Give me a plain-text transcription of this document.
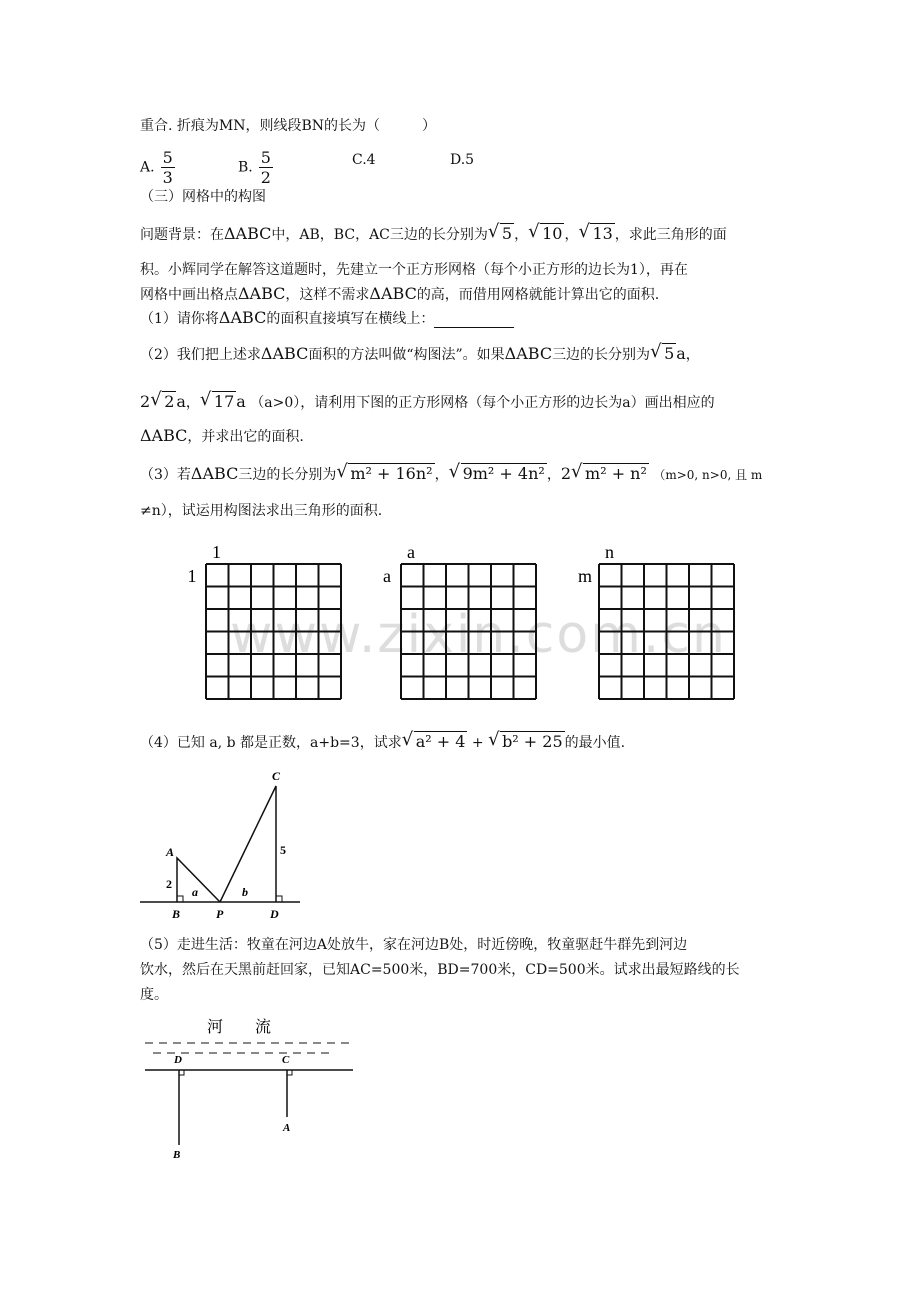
www.zixin.com.cn
重合. 折痕为MN，则线段BN的长为（　　　）
A. $\frac{5}{3}$	B. $\frac{5}{2}$	C.4	D.5
（三）网格中的构图
问题背景：在ΔABC中，AB，BC，AC三边的长分别为 √ 5 ， √ 10 ， √ 13 ，求此三角形的面
积。小辉同学在解答这道题时，先建立一个正方形网格（每个小正方形的边长为1），再在
网格中画出格点ΔABC，这样不需求ΔABC的高，而借用网格就能计算出它的面积.
（1）请你将ΔABC的面积直接填写在横线上：
（2）我们把上述求ΔABC面积的方法叫做“构图法”。如果ΔABC三边的长分别为 √ 5 a，
2 √ 2 a， √ 17 a （a>0），请利用下图的正方形网格（每个小正方形的边长为a）画出相应的
ΔABC，并求出它的面积.
（3）若ΔABC三边的长分别为 √ m² + 16n² ， √ 9m² + 4n² ，2 √ m² + n² （m>0, n>0, 且 m
≠n），试运用构图法求出三角形的面积.
1
1
a
a
n
m
（4）已知 a, b 都是正数，a+b=3，试求 √ a² + 4 + √ b² + 25 的最小值.
A
B	P	D
C
2
5
a	b
（5）走进生活：牧童在河边A处放牛，家在河边B处，时近傍晚，牧童驱赶牛群先到河边
饮水，然后在天黑前赶回家，已知AC=500米，BD=700米，CD=500米。试求出最短路线的长
度。
河　　流
D	C
A
B
